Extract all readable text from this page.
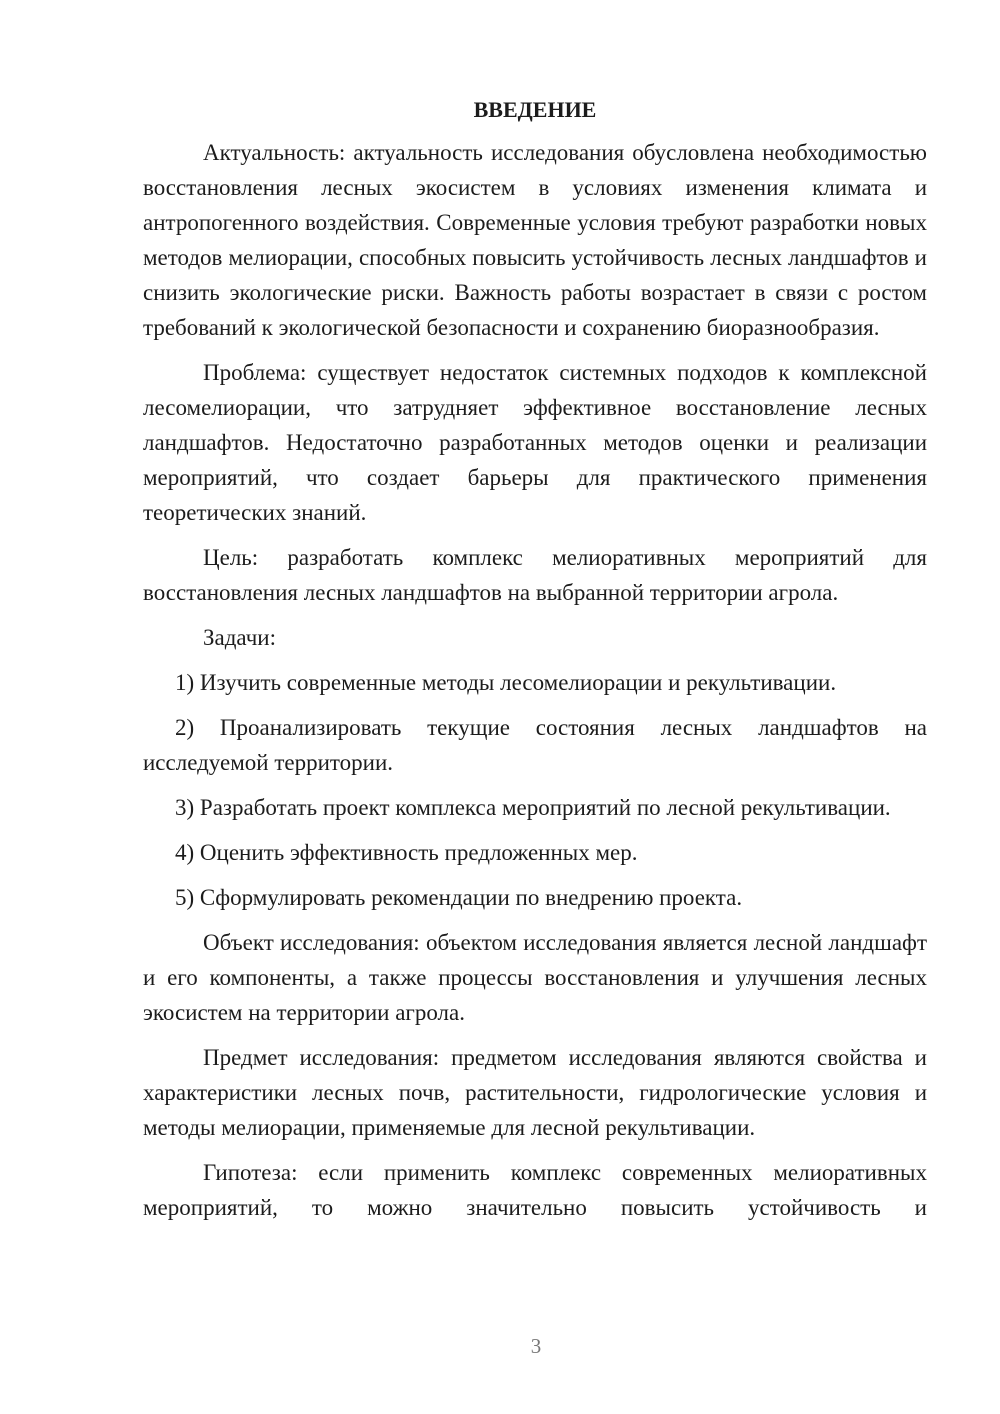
ВВЕДЕНИЕ

Актуальность: актуальность исследования обусловлена необходимостью восстановления лесных экосистем в условиях изменения климата и антропогенного воздействия. Современные условия требуют разработки новых методов мелиорации, способных повысить устойчивость лесных ландшафтов и снизить экологические риски. Важность работы возрастает в связи с ростом требований к экологической безопасности и сохранению биоразнообразия.

Проблема: существует недостаток системных подходов к комплексной лесомелиорации, что затрудняет эффективное восстановление лесных ландшафтов. Недостаточно разработанных методов оценки и реализации мероприятий, что создает барьеры для практического применения теоретических знаний.

Цель: разработать комплекс мелиоративных мероприятий для восстановления лесных ландшафтов на выбранной территории агрола.

Задачи:

1) Изучить современные методы лесомелиорации и рекультивации.

2) Проанализировать текущие состояния лесных ландшафтов на исследуемой территории.

3) Разработать проект комплекса мероприятий по лесной рекультивации.

4) Оценить эффективность предложенных мер.

5) Сформулировать рекомендации по внедрению проекта.

Объект исследования: объектом исследования является лесной ландшафт и его компоненты, а также процессы восстановления и улучшения лесных экосистем на территории агрола.

Предмет исследования: предметом исследования являются свойства и характеристики лесных почв, растительности, гидрологические условия и методы мелиорации, применяемые для лесной рекультивации.

Гипотеза: если применить комплекс современных мелиоративных мероприятий, то можно значительно повысить устойчивость и

3
